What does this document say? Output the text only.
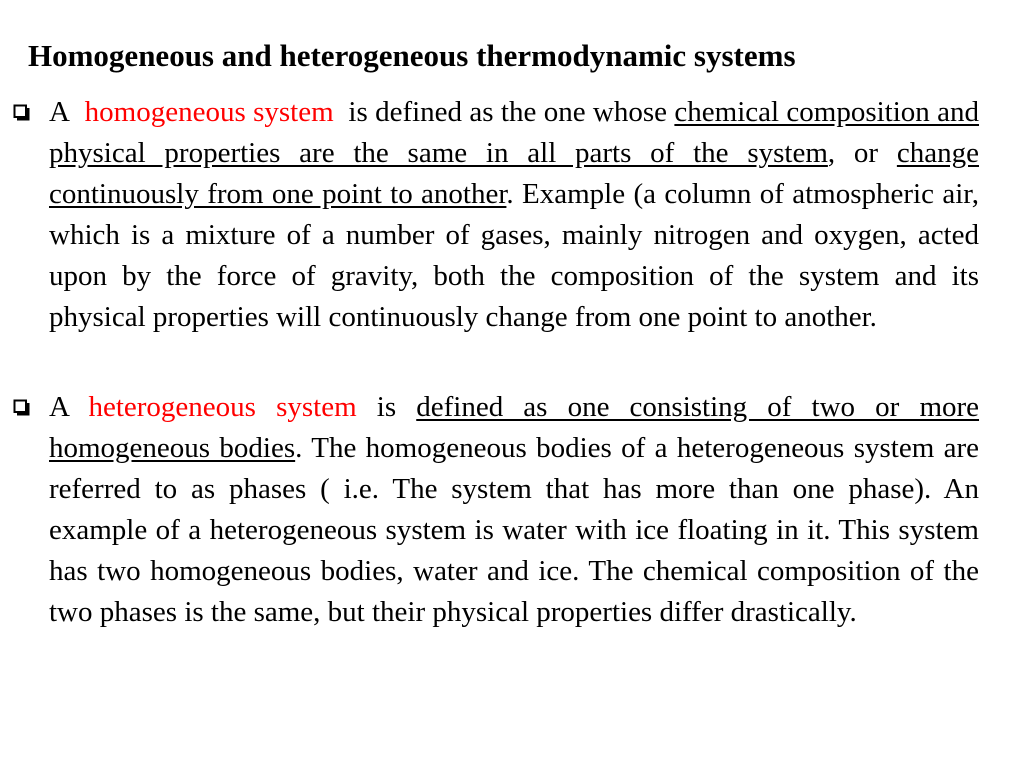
Homogeneous and heterogeneous thermodynamic systems
A homogeneous system is defined as the one whose chemical composition and physical properties are the same in all parts of the system, or change continuously from one point to another. Example (a column of atmospheric air, which is a mixture of a number of gases, mainly nitrogen and oxygen, acted upon by the force of gravity, both the composition of the system and its physical properties will continuously change from one point to another.
A heterogeneous system is defined as one consisting of two or more homogeneous bodies. The homogeneous bodies of a heterogeneous system are referred to as phases ( i.e. The system that has more than one phase). An example of a heterogeneous system is water with ice floating in it. This system has two homogeneous bodies, water and ice. The chemical composition of the two phases is the same, but their physical properties differ drastically.
